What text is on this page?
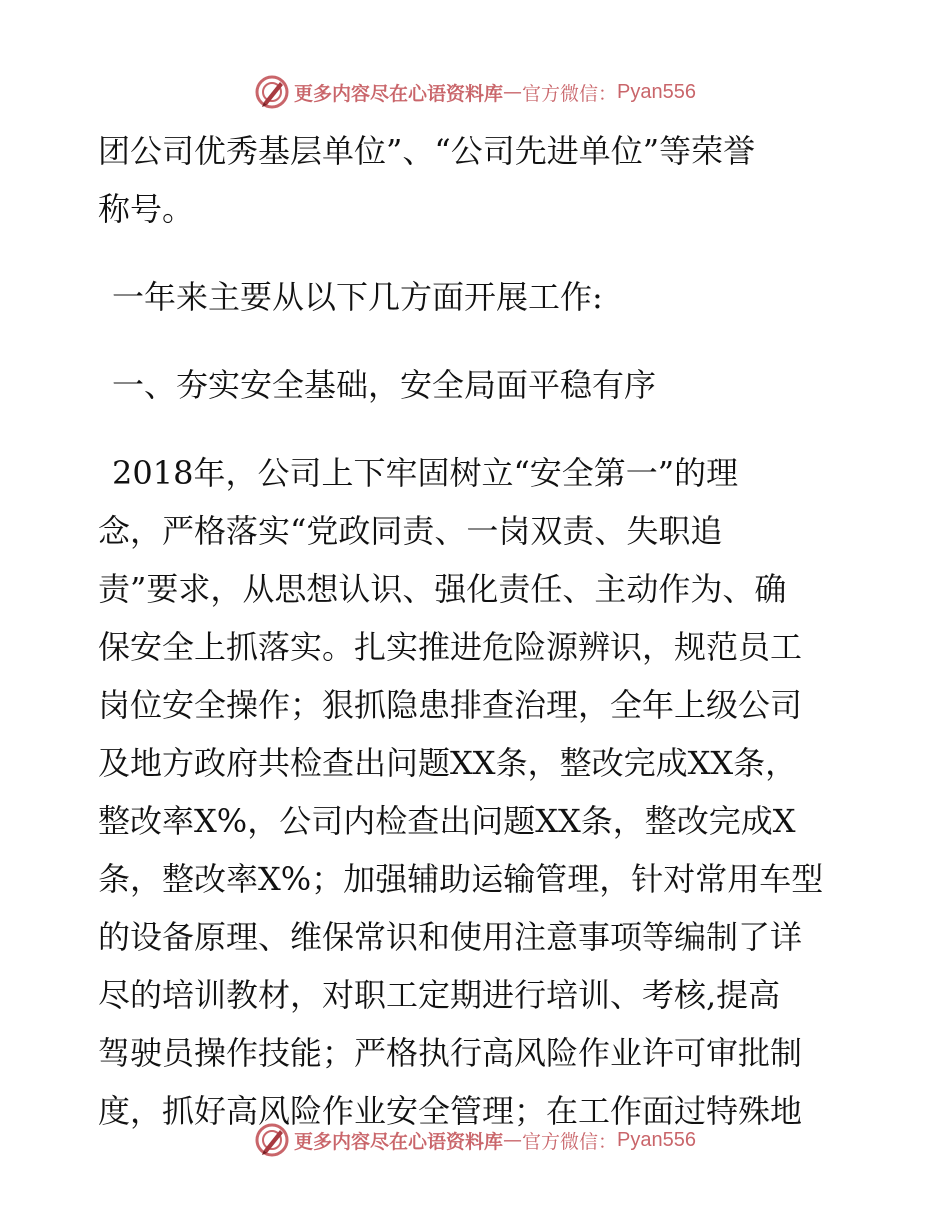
更多内容尽在心语资料库 — 官方微信： Pyan556
团公司优秀基层单位”、“公司先进单位”等荣誉
称号。
一年来主要从以下几方面开展工作:
一、夯实安全基础，安全局面平稳有序
2018年，公司上下牢固树立“安全第一”的理
念，严格落实“党政同责、一岗双责、失职追
责”要求，从思想认识、强化责任、主动作为、确
保安全上抓落实。扎实推进危险源辨识，规范员工
岗位安全操作；狠抓隐患排查治理，全年上级公司
及地方政府共检查出问题XX条，整改完成XX条，
整改率X%，公司内检查出问题XX条，整改完成X
条，整改率X%；加强辅助运输管理，针对常用车型
的设备原理、维保常识和使用注意事项等编制了详
尽的培训教材，对职工定期进行培训、考核,提高
驾驶员操作技能；严格执行高风险作业许可审批制
度，抓好高风险作业安全管理；在工作面过特殊地
更多内容尽在心语资料库 — 官方微信： Pyan556
